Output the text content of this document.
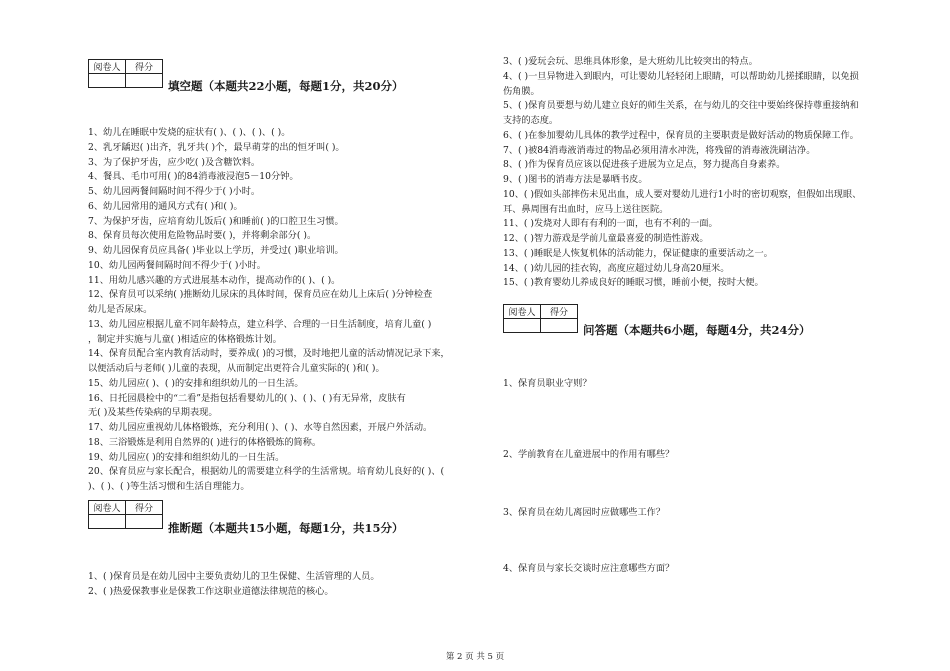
阅卷人	得分

填空题（本题共22小题，每题1分，共20分）
1、幼儿在睡眠中发烧的症状有( )、( )、( )、( )。
2、乳牙龋迟( )出齐，乳牙共( )个，最早萌芽的出的恒牙叫( )。
3、为了保护牙齿，应少吃( )及含糖饮料。
4、餐具、毛巾可用( )的84消毒液浸泡5－10分钟。
5、幼儿园两餐间隔时间不得少于( )小时。
6、幼儿园常用的通风方式有( )和( )。
7、为保护牙齿，应培育幼儿饭后( )和睡前( )的口腔卫生习惯。
8、保育员每次使用危险物品时要( )，并将剩余部分( )。
9、幼儿园保育员应具备( )毕业以上学历，并受过( )职业培训。
10、幼儿园两餐间隔时间不得少于( )小时。
11、用幼儿感兴趣的方式进展基本动作，提高动作的( )、( )。
12、保育员可以采纳( )推断幼儿尿床的具体时间，保育员应在幼儿上床后( )分钟检查
幼儿是否尿床。
13、幼儿园应根据儿童不同年龄特点，建立科学、合理的一日生活制度，培育儿童( )
，制定并实施与儿童( )相适应的体格锻炼计划。
14、保育员配合室内教育活动时，要养成( )的习惯，及时地把儿童的活动情况记录下来，
以便活动后与老师( )儿童的表现，从而制定出更符合儿童实际的( )和( )。
15、幼儿园应( )、( )的安排和组织幼儿的一日生活。
16、日托园晨检中的“二看”是指包括看婴幼儿的( )、( )、( )有无异常，皮肤有
无( )及某些传染病的早期表现。
17、幼儿园应重视幼儿体格锻炼，充分利用( )、( )、水等自然因素，开展户外活动。
18、三浴锻炼是利用自然界的( )进行的体格锻炼的简称。
19、幼儿园应( )的安排和组织幼儿的一日生活。
20、保育员应与家长配合，根据幼儿的需要建立科学的生活常规。培育幼儿良好的( )、(
)、( )、( )等生活习惯和生活自理能力。
阅卷人	得分

推断题（本题共15小题，每题1分，共15分）
1、( )保育员是在幼儿园中主要负责幼儿的卫生保健、生活管理的人员。
2、( )热爱保教事业是保教工作这职业道德法律规范的核心。
3、( )爱玩会玩、思维具体形象，是大班幼儿比较突出的特点。
4、( )一旦异物进入到眼内，可让婴幼儿轻轻闭上眼睛，可以帮助幼儿搓揉眼睛，以免损
伤角膜。
5、( )保育员要想与幼儿建立良好的师生关系，在与幼儿的交往中要始终保持尊重接纳和
支持的态度。
6、( )在参加婴幼儿具体的教学过程中，保育员的主要职责是做好活动的物质保障工作。
7、( )被84消毒液消毒过的物品必须用清水冲洗，将残留的消毒液洗刷洁净。
8、( )作为保育员应该以促进孩子进展为立足点，努力提高自身素养。
9、( )图书的消毒方法是暴晒书皮。
10、( )假如头部摔伤未见出血，成人要对婴幼儿进行1小时的密切观察，但假如出现眼、
耳、鼻周围有出血时，应马上送往医院。
11、( )发烧对人即有有利的一面，也有不利的一面。
12、( )智力游戏是学前儿童最喜爱的制造性游戏。
13、( )睡眠是人恢复机体的活动能力，保证健康的重要活动之一。
14、( )幼儿园的挂衣钩，高度应超过幼儿身高20厘米。
15、( )教育婴幼儿养成良好的睡眠习惯，睡前小便，按时大便。
阅卷人	得分

问答题（本题共6小题，每题4分，共24分）
1、保育员职业守则？
2、学前教育在儿童进展中的作用有哪些？
3、保育员在幼儿离园时应做哪些工作？
4、保育员与家长交谈时应注意哪些方面？
第 2 页 共 5 页
